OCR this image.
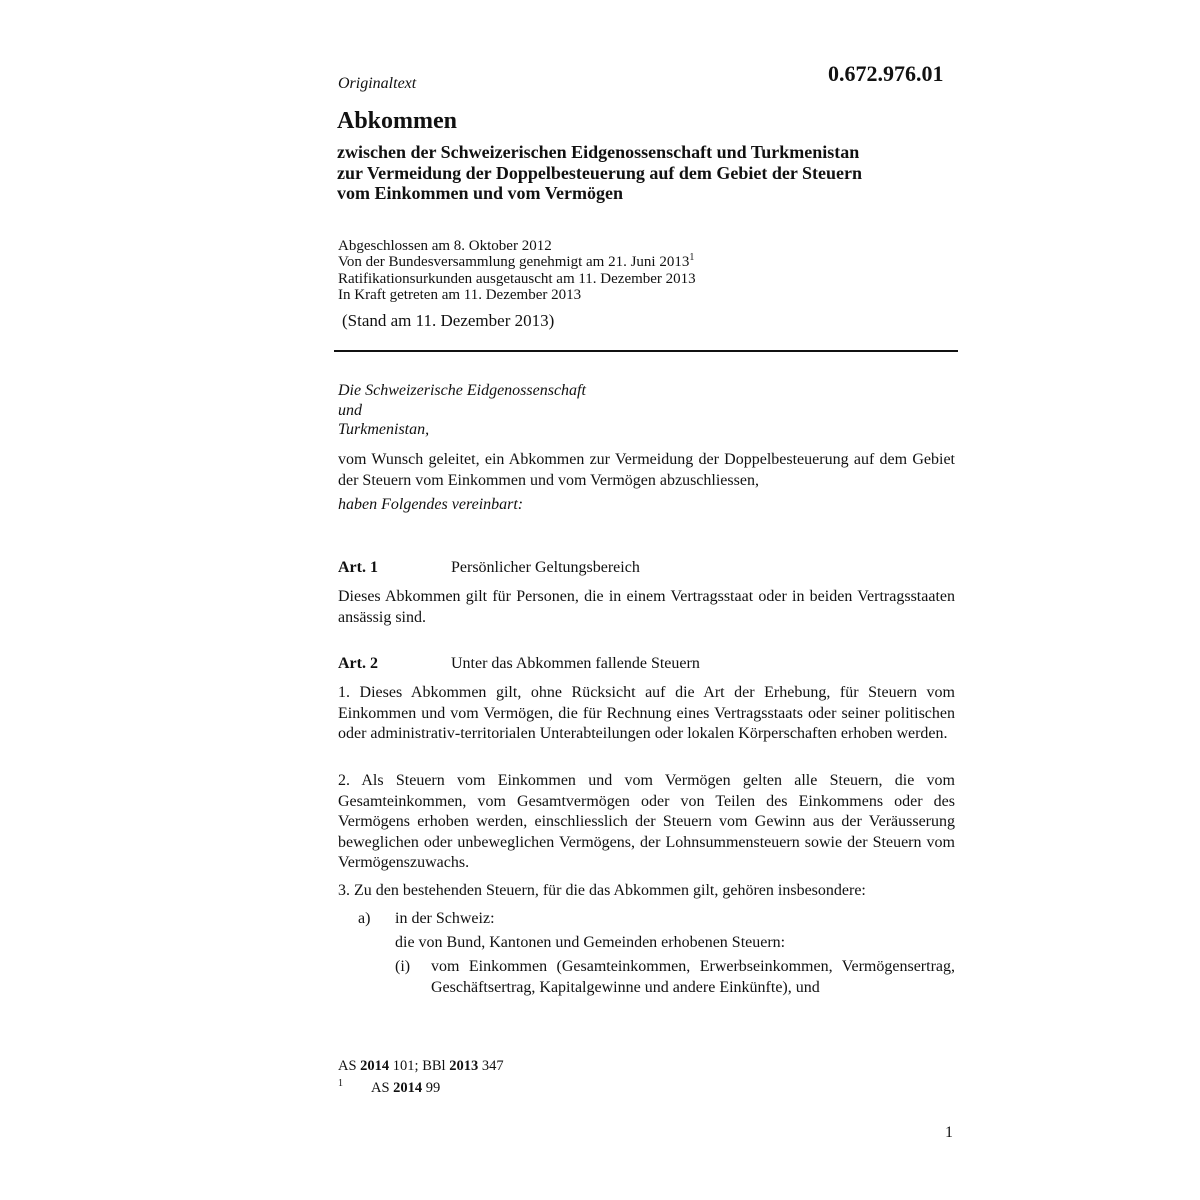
Originaltext	0.672.976.01
Abkommen
zwischen der Schweizerischen Eidgenossenschaft und Turkmenistan
zur Vermeidung der Doppelbesteuerung auf dem Gebiet der Steuern
vom Einkommen und vom Vermögen
Abgeschlossen am 8. Oktober 2012
Von der Bundesversammlung genehmigt am 21. Juni 2013$^1$
Ratifikationsurkunden ausgetauscht am 11. Dezember 2013
In Kraft getreten am 11. Dezember 2013
(Stand am 11. Dezember 2013)
Die Schweizerische Eidgenossenschaft
und
Turkmenistan,
vom Wunsch geleitet, ein Abkommen zur Vermeidung der Doppelbesteuerung auf dem Gebiet der Steuern vom Einkommen und vom Vermögen abzuschliessen,
haben Folgendes vereinbart:
Art. 1	Persönlicher Geltungsbereich
Dieses Abkommen gilt für Personen, die in einem Vertragsstaat oder in beiden Vertragsstaaten ansässig sind.
Art. 2	Unter das Abkommen fallende Steuern
1. Dieses Abkommen gilt, ohne Rücksicht auf die Art der Erhebung, für Steuern vom Einkommen und vom Vermögen, die für Rechnung eines Vertragsstaats oder seiner politischen oder administrativ-territorialen Unterabteilungen oder lokalen Körperschaften erhoben werden.
2. Als Steuern vom Einkommen und vom Vermögen gelten alle Steuern, die vom Gesamteinkommen, vom Gesamtvermögen oder von Teilen des Einkommens oder des Vermögens erhoben werden, einschliesslich der Steuern vom Gewinn aus der Veräusserung beweglichen oder unbeweglichen Vermögens, der Lohnsummensteuern sowie der Steuern vom Vermögenszuwachs.
3. Zu den bestehenden Steuern, für die das Abkommen gilt, gehören insbesondere:
a) in der Schweiz:
die von Bund, Kantonen und Gemeinden erhobenen Steuern:
(i) vom Einkommen (Gesamteinkommen, Erwerbseinkommen, Vermögensertrag, Geschäftsertrag, Kapitalgewinne und andere Einkünfte), und
AS 2014 101; BBl 2013 347
1 AS 2014 99
1
